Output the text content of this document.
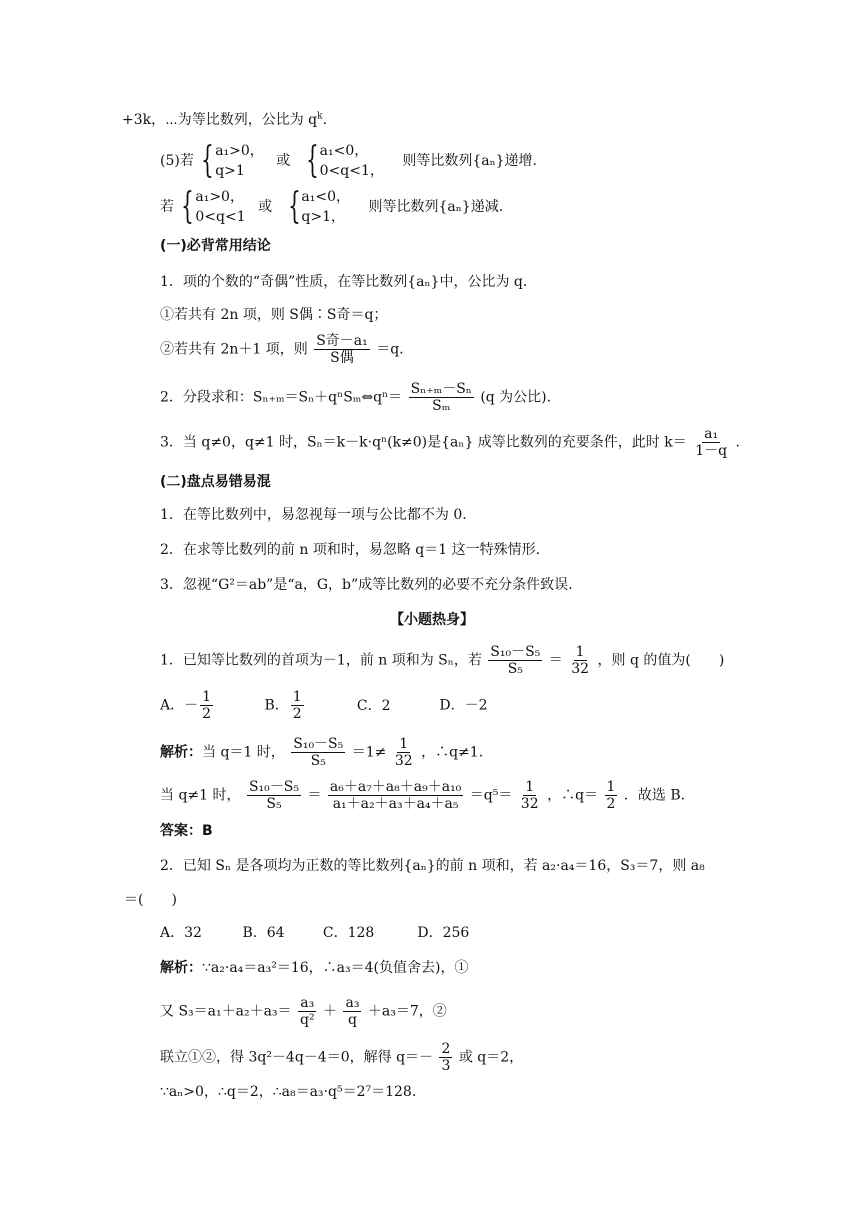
+3k，⋯为等比数列，公比为 $q^k$.
(5)若 { a₁>0，
q>1
或 { a₁<0，
0<q<1，
则等比数列{aₙ}递增.
若 { a₁>0，
0<q<1
或 { a₁<0，
q>1，
则等比数列{aₙ}递减.
(一)必背常用结论
1．项的个数的“奇偶”性质，在等比数列{aₙ}中，公比为 q.
①若共有 2n 项，则 S偶∶S奇＝q；
②若共有 2n＋1 项，则 $\frac{\text{S奇－a₁}}{\text{S偶}} =q$.
2．分段求和：Sₙ₊ₘ＝Sₙ＋qⁿSₘ⇔qⁿ＝ $\frac{\text{Sₙ₊ₘ－Sₙ}}{\text{Sₘ}} (q$ 为公比).
3．当 q≠0，q≠1 时，Sₙ＝k－k·qⁿ(k≠0)是{aₙ} 成等比数列的充要条件，此时 $k= \frac{\text{a₁}}{1-q}$ .
(二)盘点易错易混
1．在等比数列中，易忽视每一项与公比都不为 0.
2．在求等比数列的前 n 项和时，易忽略 q＝1 这一特殊情形.
3．忽视“G²＝ab”是“a，G，b”成等比数列的必要不充分条件致误.
【小题热身】
1．已知等比数列的首项为－1，前 n 项和为 Sₙ，若 $\frac{\text{S₁₀－S₅}}{\text{S₅}} = \frac{1}{32}$ ，则 q 的值为(　　)
A．－ $\frac{1}{2}$	B． $\frac{1}{2}$	C．2	D．－2
解析：当 q＝1 时， $\frac{\text{S₁₀－S₅}}{\text{S₅}} =1\ne \frac{1}{32}$ ，∴q≠1.
当 q≠1 时， $\frac{\text{S₁₀－S₅}}{\text{S₅}} = \frac{\text{a₆＋a₇＋a₈＋a₉＋a₁₀}}{\text{a₁＋a₂＋a₃＋a₄＋a₅}} =q^5= \frac{1}{32}$ ，∴q＝ $\frac{1}{2}$ ．故选 B.
答案：B
2．已知 Sₙ 是各项均为正数的等比数列{aₙ}的前 n 项和，若 a₂·a₄＝16，S₃＝7，则 a₈
＝(　　)
A．32	B．64	C．128	D．256
解析：∵a₂·a₄＝a₃²＝16，∴a₃＝4(负值舍去)，①
又 $S_3=a_1+a_2+a_3= \frac{\text{a₃}}{\text{q²}} + \frac{\text{a₃}}{q} +a_3=7$，②
联立①②，得 3q²－4q－4＝0，解得 $q=- \frac{2}{3}$ 或 q＝2，
∵aₙ>0，∴q＝2，∴a₈＝a₃·q⁵＝2⁷＝128.
